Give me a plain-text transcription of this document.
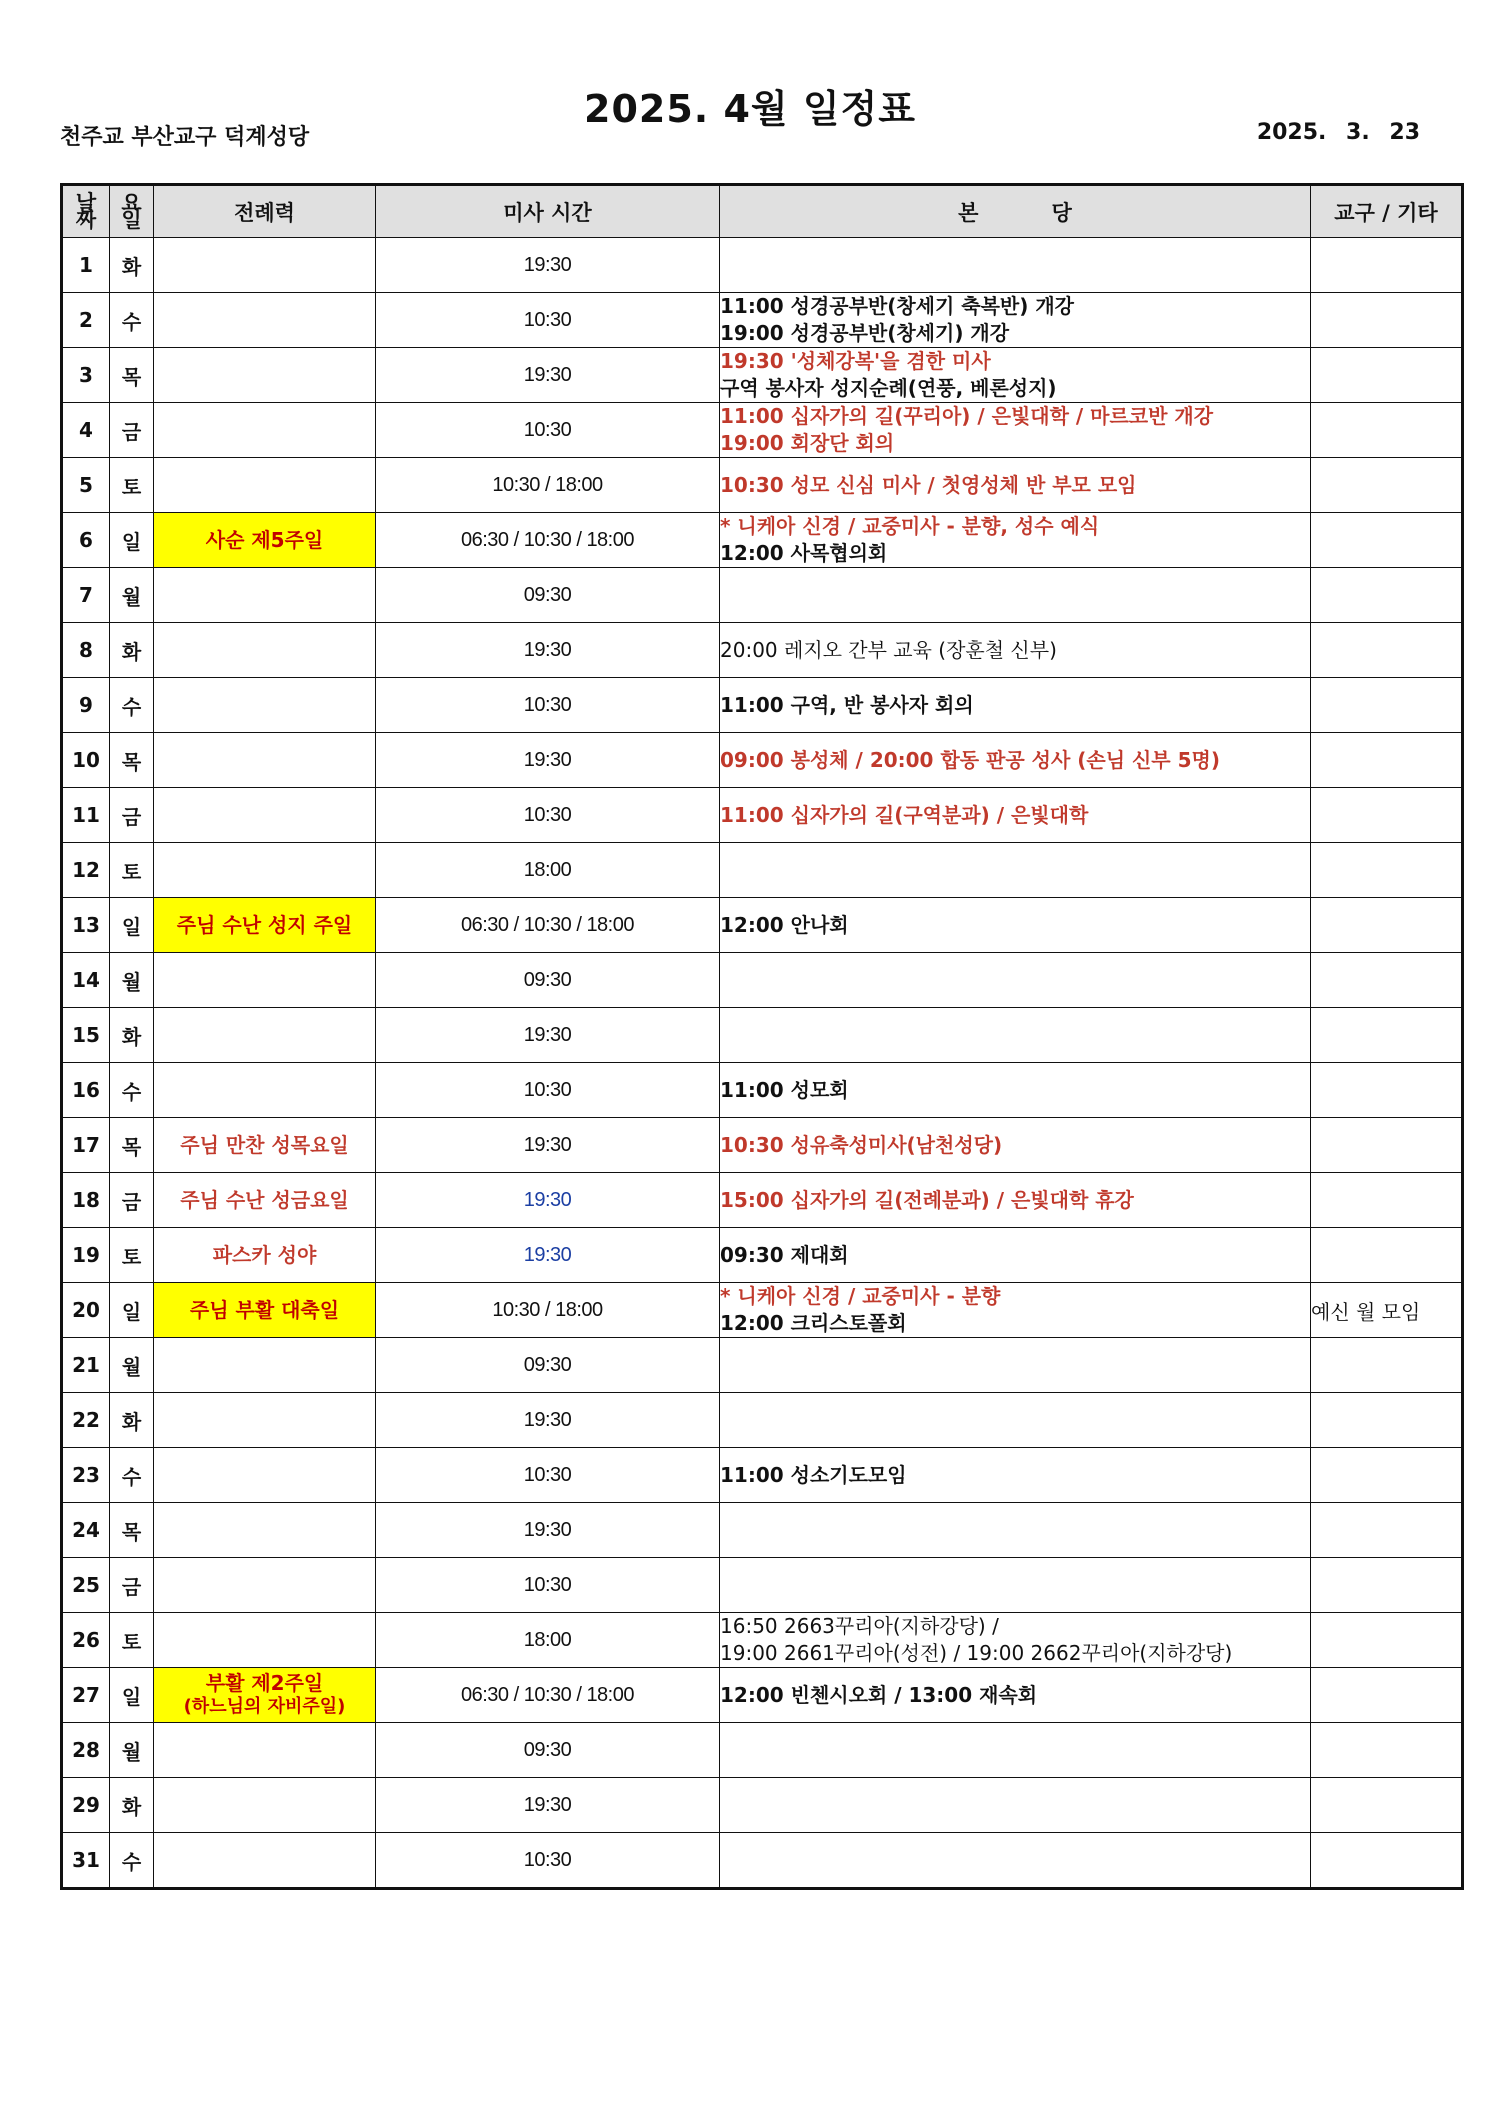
2025. 4월 일정표
천주교 부산교구 덕계성당	2025. 3. 23
날
짜	요
일	전례력	미사 시간	본          당	교구 / 기타
1	화		19:30		
2	수		10:30	11:00 성경공부반(창세기 축복반) 개강
19:00 성경공부반(창세기) 개강	

3	목		19:30	19:30 '성체강복'을 겸한 미사
구역 봉사자 성지순례(연풍, 베론성지)	

4	금		10:30	11:00 십자가의 길(꾸리아) / 은빛대학 / 마르코반 개강
19:00 회장단 회의	

5	토		10:30 / 18:00	10:30 성모 신심 미사 / 첫영성체 반 부모 모임	

6	일	사순 제5주일	06:30 / 10:30 / 18:00	* 니케아 신경 / 교중미사 - 분향, 성수 예식
12:00 사목협의회	

7	월		09:30		
8	화		19:30	20:00 레지오 간부 교육 (장훈철 신부)	

9	수		10:30	11:00 구역, 반 봉사자 회의	

10	목		19:30	09:00 봉성체 / 20:00 합동 판공 성사 (손님 신부 5명)	

11	금		10:30	11:00 십자가의 길(구역분과) / 은빛대학	

12	토		18:00		
13	일	주님 수난 성지 주일	06:30 / 10:30 / 18:00	12:00 안나회	

14	월		09:30		
15	화		19:30		
16	수		10:30	11:00 성모회	

17	목	주님 만찬 성목요일	19:30	10:30 성유축성미사(남천성당)	

18	금	주님 수난 성금요일	19:30	15:00 십자가의 길(전례분과) / 은빛대학 휴강	

19	토	파스카 성야	19:30	09:30 제대회	

20	일	주님 부활 대축일	10:30 / 18:00	* 니케아 신경 / 교중미사 - 분향
12:00 크리스토폴회	예신 월 모임
21	월		09:30		
22	화		19:30		
23	수		10:30	11:00 성소기도모임	

24	목		19:30		
25	금		10:30		
26	토		18:00	16:50 2663꾸리아(지하강당) /
19:00 2661꾸리아(성전) / 19:00 2662꾸리아(지하강당)	

27	일	부활 제2주일
(하느님의 자비주일)	06:30 / 10:30 / 18:00	12:00 빈첸시오회 / 13:00 재속회	

28	월		09:30		
29	화		19:30		
31	수		10:30		
